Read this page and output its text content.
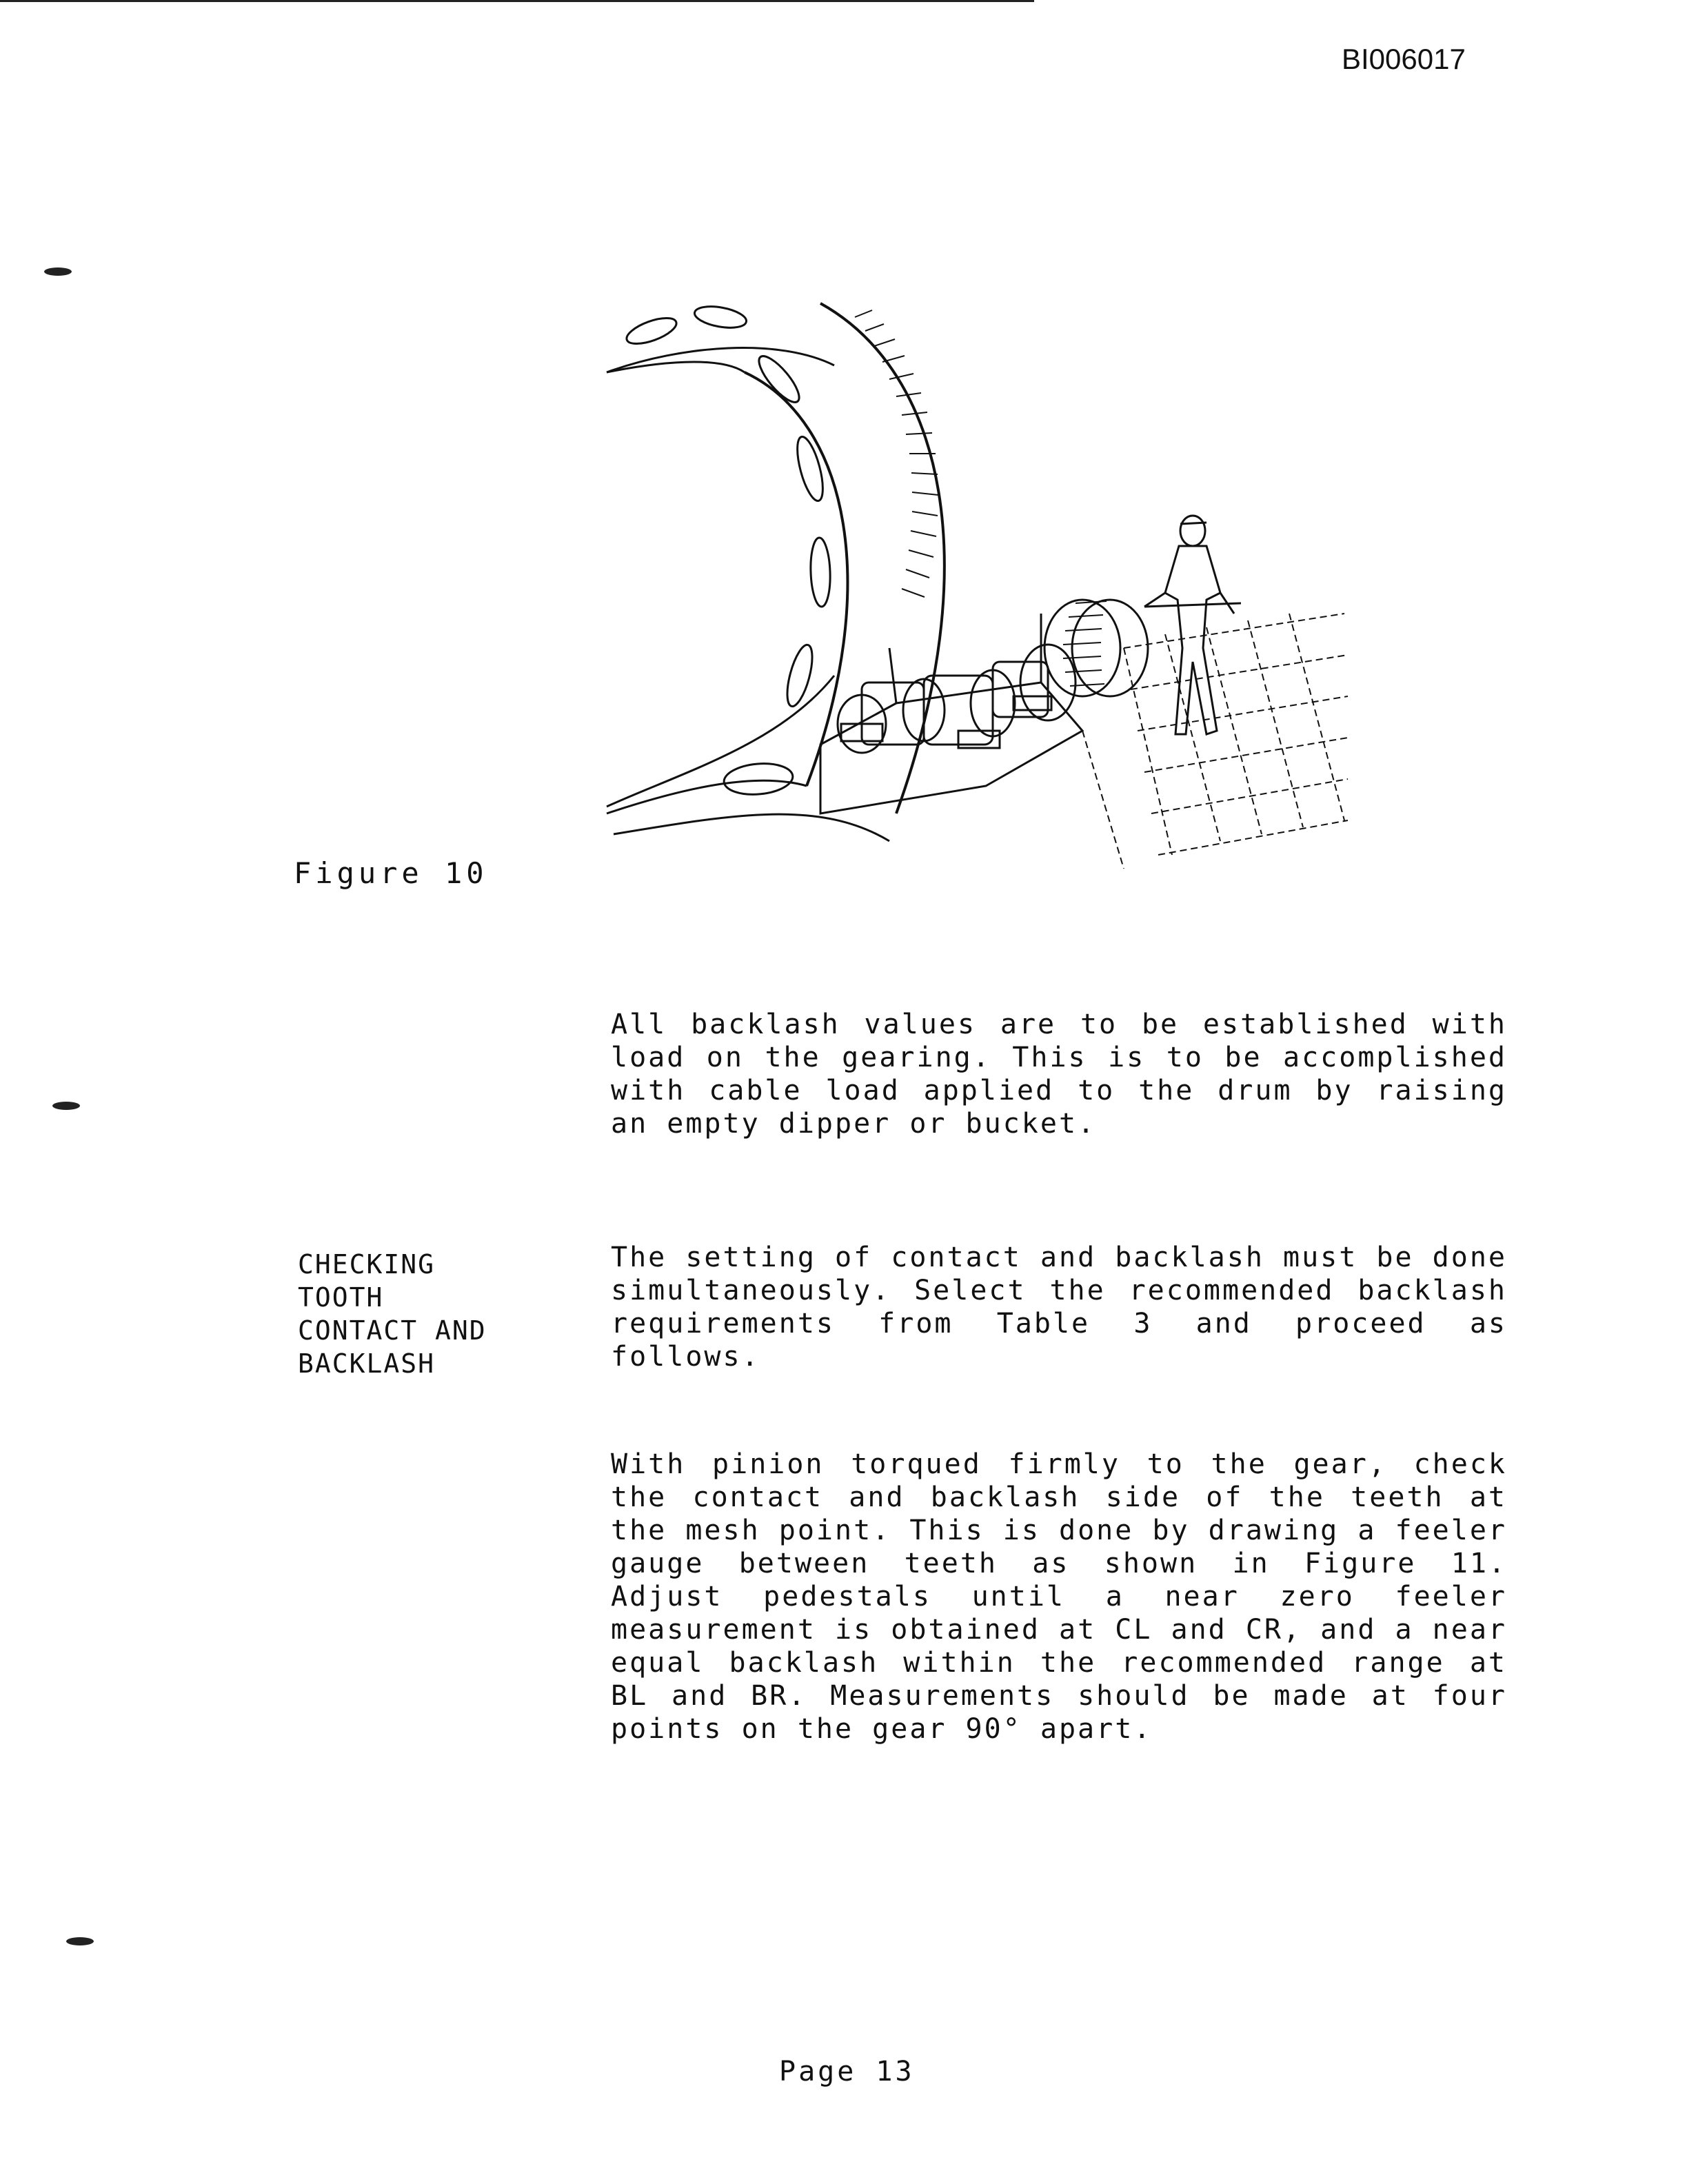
BI006017
Figure 10
All backlash values are to be established with load on the gearing. This is to be accomplished with cable load applied to the drum by raising an empty dipper or bucket.
CHECKING
TOOTH
CONTACT AND
BACKLASH
The setting of contact and backlash must be done simultaneously. Select the recommended backlash requirements from Table 3 and proceed as follows.
With pinion torqued firmly to the gear, check the contact and backlash side of the teeth at the mesh point. This is done by drawing a feeler gauge between teeth as shown in Figure 11. Adjust pedestals until a near zero feeler measurement is obtained at CL and CR, and a near equal backlash within the recommended range at BL and BR. Measurements should be made at four points on the gear 90° apart.
Page 13
